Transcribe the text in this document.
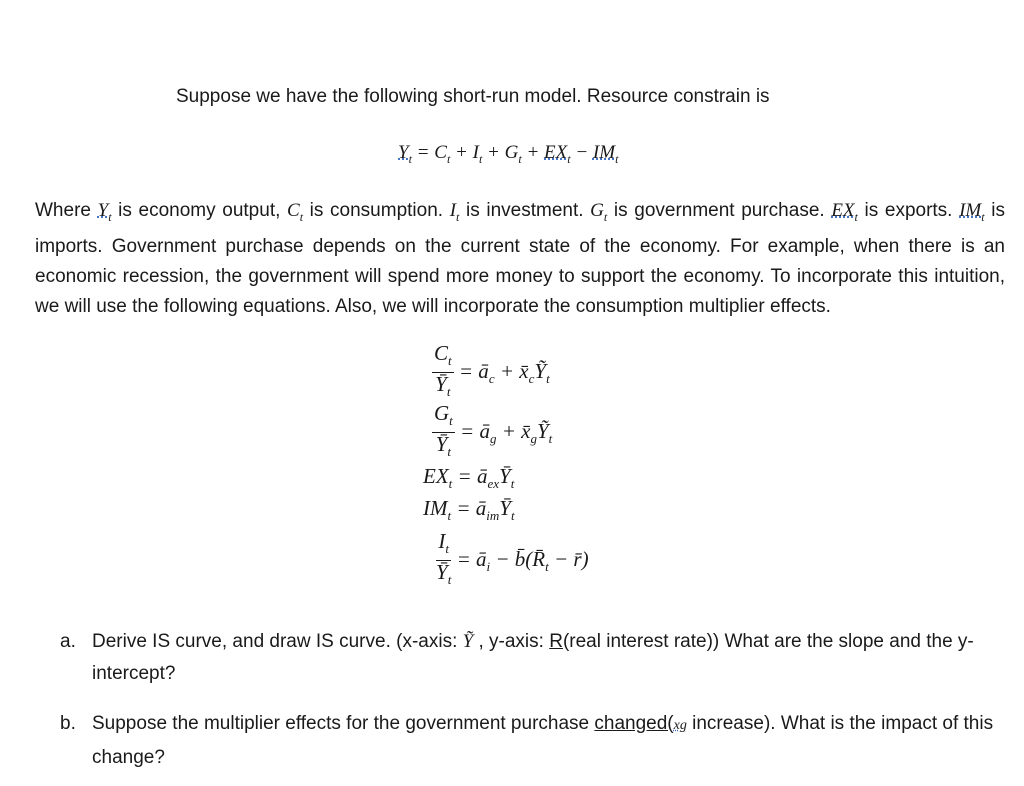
Suppose we have the following short-run model. Resource constrain is
$Y_t = C_t + I_t + G_t + EX_t - IM_t$

Where $Y_t$ is economy output, $C_t$ is consumption. $I_t$ is investment. $G_t$ is government purchase. $EX_t$ is exports. $IM_t$ is imports. Government purchase depends on the current state of the economy. For example, when there is an economic recession, the government will spend more money to support the economy. To incorporate this intuition, we will use the following equations. Also, we will incorporate the consumption multiplier effects.

$\frac{C_t}{Y_t}$ = $ā_c$ + $x̄_cY_t$
$\frac{G_t}{Y_t}$ = $ā_g$ + $x̄_gY_t$
$EX_t$ = $ā_{ex}Y_t$
$IM_t$ = $ā_{im}Y_t$
$\frac{I_t}{Y_t}$ = $ā_i$ − $b̄(R̄_t$ − r̄)
a. Derive IS curve, and draw IS curve. (x-axis: Y , y-axis: R(real interest rate)) What are the slope and the y-intercept?
b. Suppose the multiplier effects for the government purchase changed(xg increase). What is the impact of this change?
